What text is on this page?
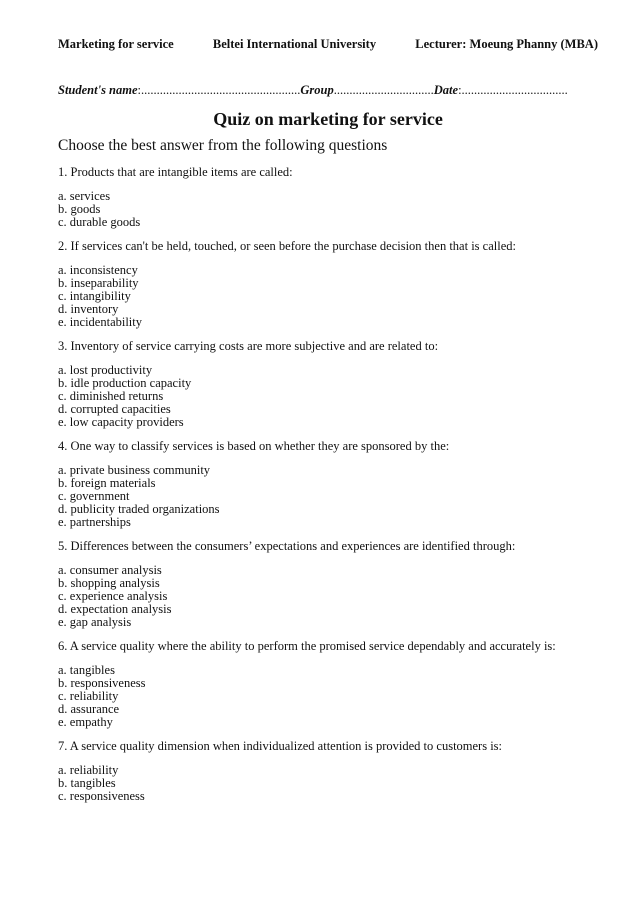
Marketing for service	Beltei International University	Lecturer: Moeung Phanny (MBA)
Student's name:...................................................Group................................Date:..................................
Quiz on marketing for service
Choose the best answer from the following questions

1. Products that are intangible items are called:

a. services
b. goods
c. durable goods

2. If services can't be held, touched, or seen before the purchase decision then that is called:

a. inconsistency
b. inseparability
c. intangibility
d. inventory
e. incidentability

3. Inventory of service carrying costs are more subjective and are related to:

a. lost productivity
b. idle production capacity
c. diminished returns
d. corrupted capacities
e. low capacity providers

4. One way to classify services is based on whether they are sponsored by the:

a. private business community
b. foreign materials
c. government
d. publicity traded organizations
e. partnerships

5. Differences between the consumers’ expectations and experiences are identified through:

a. consumer analysis
b. shopping analysis
c. experience analysis
d. expectation analysis
e. gap analysis

6. A service quality where the ability to perform the promised service dependably and accurately is:

a. tangibles
b. responsiveness
c. reliability
d. assurance
e. empathy

7. A service quality dimension when individualized attention is provided to customers is:

a. reliability
b. tangibles
c. responsiveness
